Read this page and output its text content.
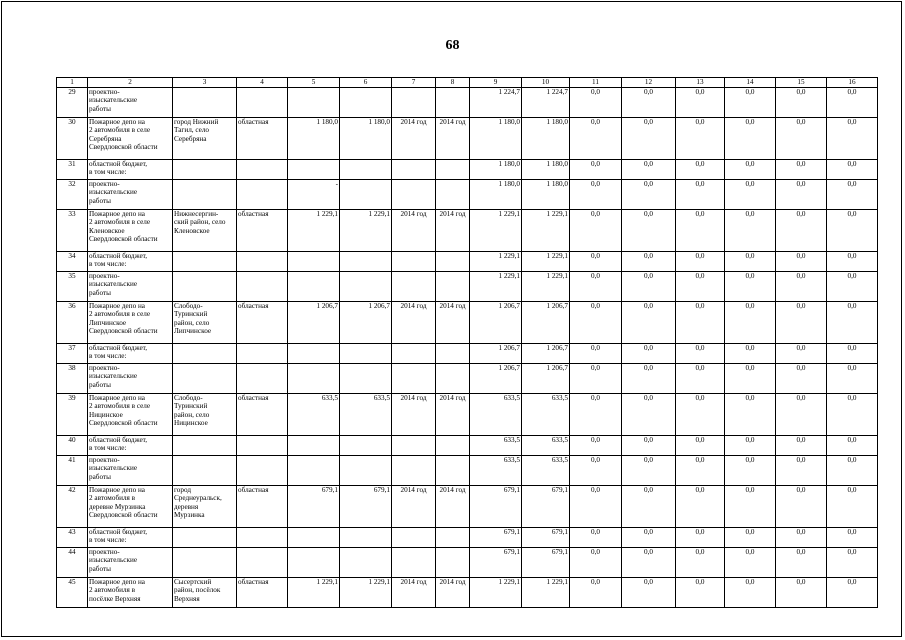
68
1	2	3	4	5	6	7	8	9	10	11	12	13	14	15	16
29	проектно-
изыскательские
работы							1 224,7	1 224,7	0,0	0,0	0,0	0,0	0,0	0,0
30	Пожарное депо на
2 автомобиля в селе
Серебряна
Свердловской области	город Нижний
Тагил, село
Серебряна	областная	1 180,0	1 180,0	2014 год	2014 год	1 180,0	1 180,0	0,0	0,0	0,0	0,0	0,0	0,0
31	областной бюджет,
в том числе:							1 180,0	1 180,0	0,0	0,0	0,0	0,0	0,0	0,0
32	проектно-
изыскательские
работы			-				1 180,0	1 180,0	0,0	0,0	0,0	0,0	0,0	0,0
33	Пожарное депо на
2 автомобиля в селе
Кленовское
Свердловской области	Нижнесергин-
ский район, село
Кленовское	областная	1 229,1	1 229,1	2014 год	2014 год	1 229,1	1 229,1	0,0	0,0	0,0	0,0	0,0	0,0
34	областной бюджет,
в том числе:							1 229,1	1 229,1	0,0	0,0	0,0	0,0	0,0	0,0
35	проектно-
изыскательские
работы							1 229,1	1 229,1	0,0	0,0	0,0	0,0	0,0	0,0
36	Пожарное депо на
2 автомобиля в селе
Липчинское
Свердловской области	Слободо-
Туринский
район, село
Липчинское	областная	1 206,7	1 206,7	2014 год	2014 год	1 206,7	1 206,7	0,0	0,0	0,0	0,0	0,0	0,0
37	областной бюджет,
в том числе:							1 206,7	1 206,7	0,0	0,0	0,0	0,0	0,0	0,0
38	проектно-
изыскательские
работы							1 206,7	1 206,7	0,0	0,0	0,0	0,0	0,0	0,0
39	Пожарное депо на
2 автомобиля в селе
Ницинское
Свердловской области	Слободо-
Туринский
район, село
Ницинское	областная	633,5	633,5	2014 год	2014 год	633,5	633,5	0,0	0,0	0,0	0,0	0,0	0,0
40	областной бюджет,
в том числе:							633,5	633,5	0,0	0,0	0,0	0,0	0,0	0,0
41	проектно-
изыскательские
работы							633,5	633,5	0,0	0,0	0,0	0,0	0,0	0,0
42	Пожарное депо на
2 автомобиля в
деревне Мурзинка
Свердловской области	город
Среднеуральск,
деревня
Мурзинка	областная	679,1	679,1	2014 год	2014 год	679,1	679,1	0,0	0,0	0,0	0,0	0,0	0,0
43	областной бюджет,
в том числе:							679,1	679,1	0,0	0,0	0,0	0,0	0,0	0,0
44	проектно-
изыскательские
работы							679,1	679,1	0,0	0,0	0,0	0,0	0,0	0,0
45	Пожарное депо на
2 автомобиля в
посёлке Верхняя	Сысертский
район, посёлок
Верхняя	областная	1 229,1	1 229,1	2014 год	2014 год	1 229,1	1 229,1	0,0	0,0	0,0	0,0	0,0	0,0
